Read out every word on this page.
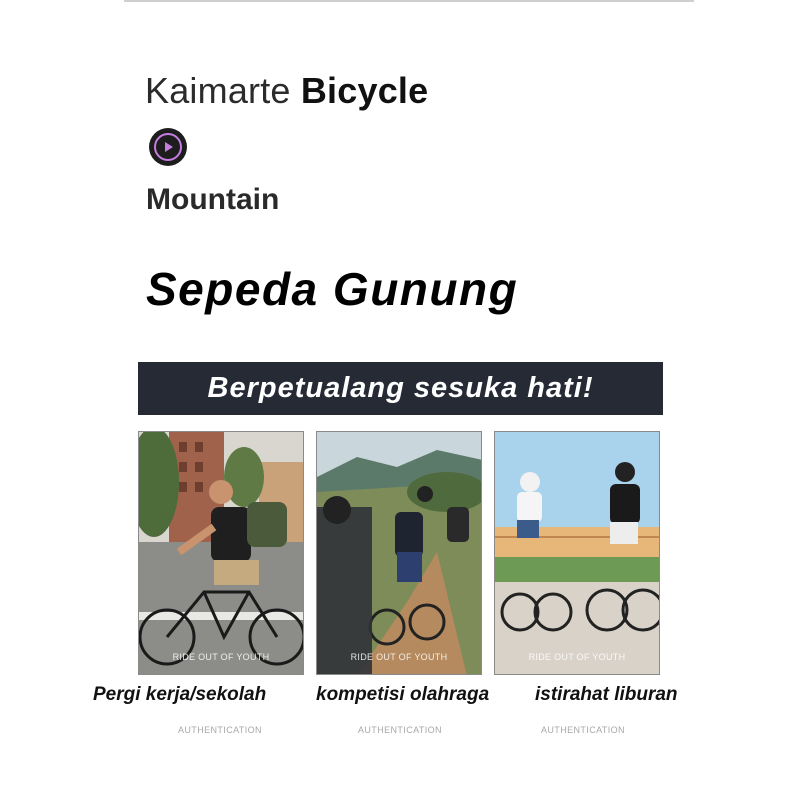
Kaimarte Bicycle
Mountain
Sepeda Gunung
Berpetualang sesuka hati!
RIDE OUT OF YOUTH	RIDE OUT OF YOUTH	RIDE OUT OF YOUTH
Pergi kerja/sekolah	kompetisi olahraga istirahat liburan
AUTHENTICATION	AUTHENTICATION	AUTHENTICATION
